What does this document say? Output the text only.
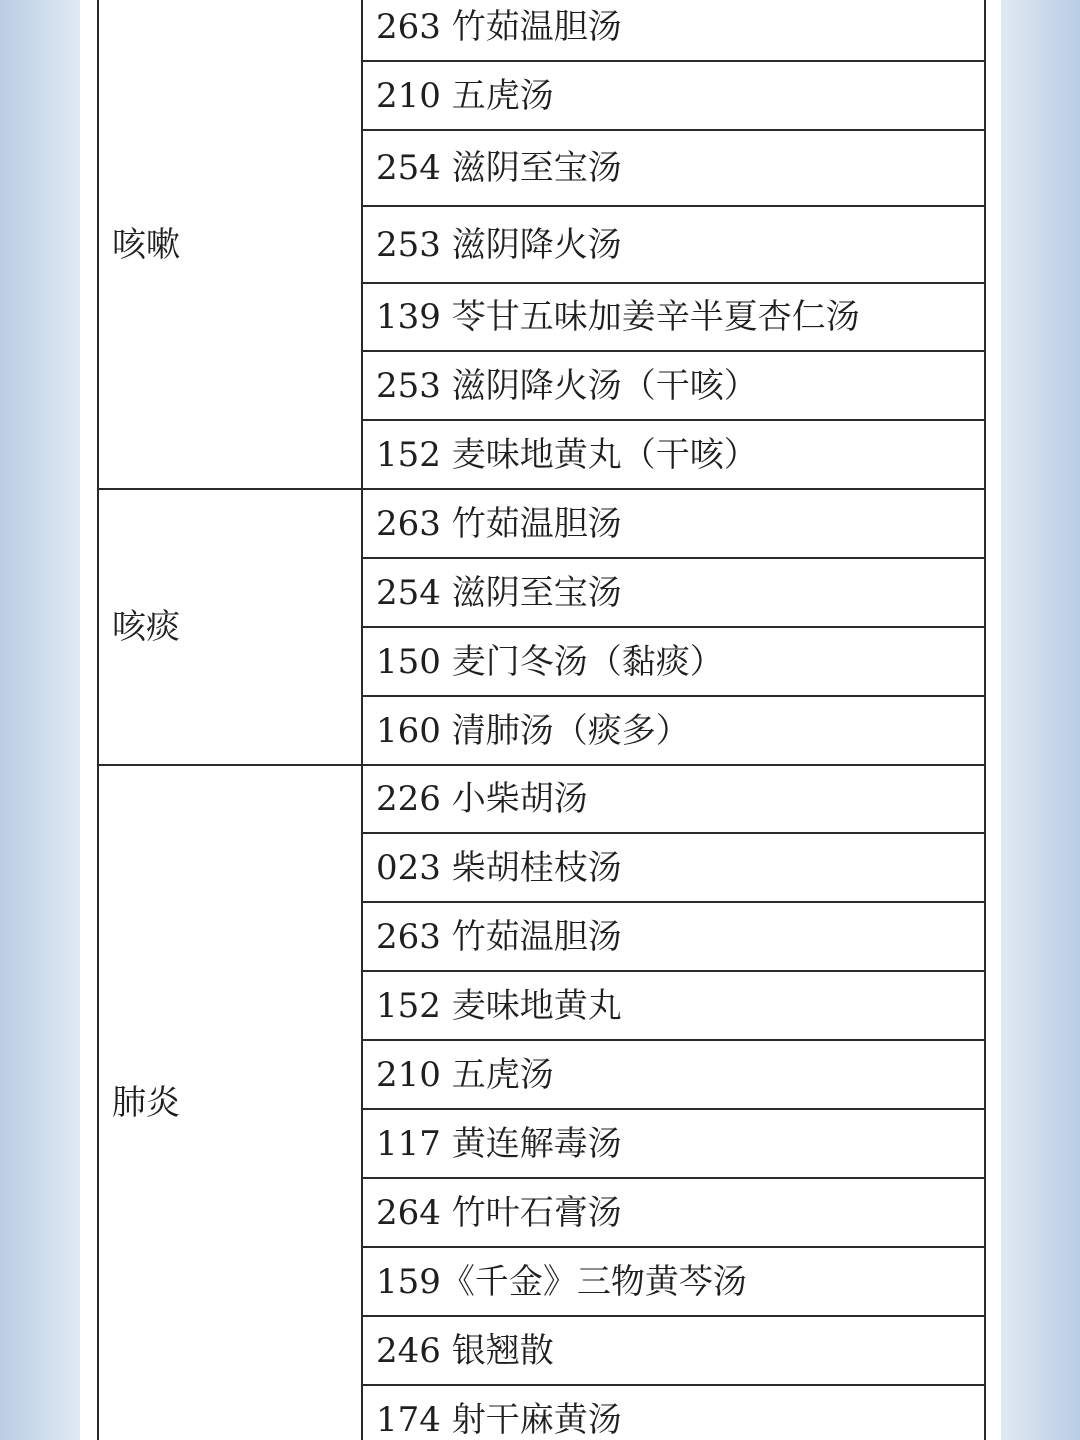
咳嗽
263 竹茹温胆汤
210 五虎汤
254 滋阴至宝汤
253 滋阴降火汤
139 苓甘五味加姜辛半夏杏仁汤
253 滋阴降火汤（干咳）
152 麦味地黄丸（干咳）
咳痰
263 竹茹温胆汤
254 滋阴至宝汤
150 麦门冬汤（黏痰）
160 清肺汤（痰多）
肺炎
226 小柴胡汤
023 柴胡桂枝汤
263 竹茹温胆汤
152 麦味地黄丸
210 五虎汤
117 黄连解毒汤
264 竹叶石膏汤
159《千金》三物黄芩汤
246 银翘散
174 射干麻黄汤
